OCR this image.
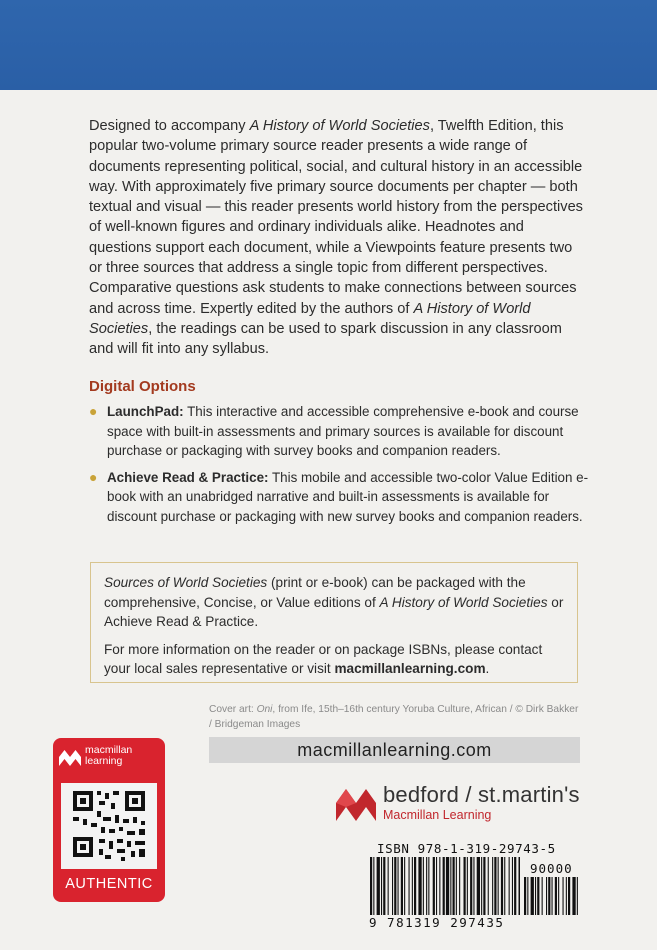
Designed to accompany A History of World Societies, Twelfth Edition, this popular two-volume primary source reader presents a wide range of documents representing political, social, and cultural history in an accessible way. With approximately five primary source documents per chapter — both textual and visual — this reader presents world history from the perspectives of well-known figures and ordinary individuals alike. Headnotes and questions support each document, while a Viewpoints feature presents two or three sources that address a single topic from different perspectives. Comparative questions ask students to make connections between sources and across time. Expertly edited by the authors of A History of World Societies, the readings can be used to spark discussion in any classroom and will fit into any syllabus.

Digital Options
● LaunchPad: This interactive and accessible comprehensive e-book and course space with built-in assessments and primary sources is available for discount purchase or packaging with survey books and companion readers.
● Achieve Read & Practice: This mobile and accessible two-color Value Edition e-book with an unabridged narrative and built-in assessments is available for discount purchase or packaging with new survey books and companion readers.

Sources of World Societies (print or e-book) can be packaged with the comprehensive, Concise, or Value editions of A History of World Societies or Achieve Read & Practice.

For more information on the reader or on package ISBNs, please contact your local sales representative or visit macmillanlearning.com.

Cover art: Oni, from Ife, 15th–16th century Yoruba Culture, African / © Dirk Bakker / Bridgeman Images
macmillanlearning.com
bedford / st.martin's
Macmillan Learning
macmillan
learning
AUTHENTIC
ISBN 978-1-319-29743-5
90000
9 781319 297435
